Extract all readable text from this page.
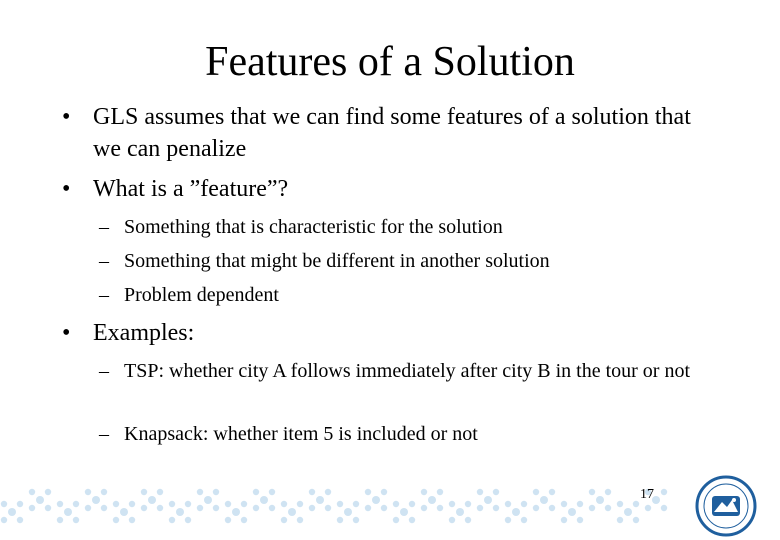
Features of a Solution
• GLS assumes that we can find some features of a solution that we can penalize
• What is a ”feature”?
– Something that is characteristic for the solution
– Something that might be different in another solution
– Problem dependent
• Examples:
– TSP: whether city A follows immediately after city B in the tour or not
– Knapsack: whether item 5 is included or not
17
